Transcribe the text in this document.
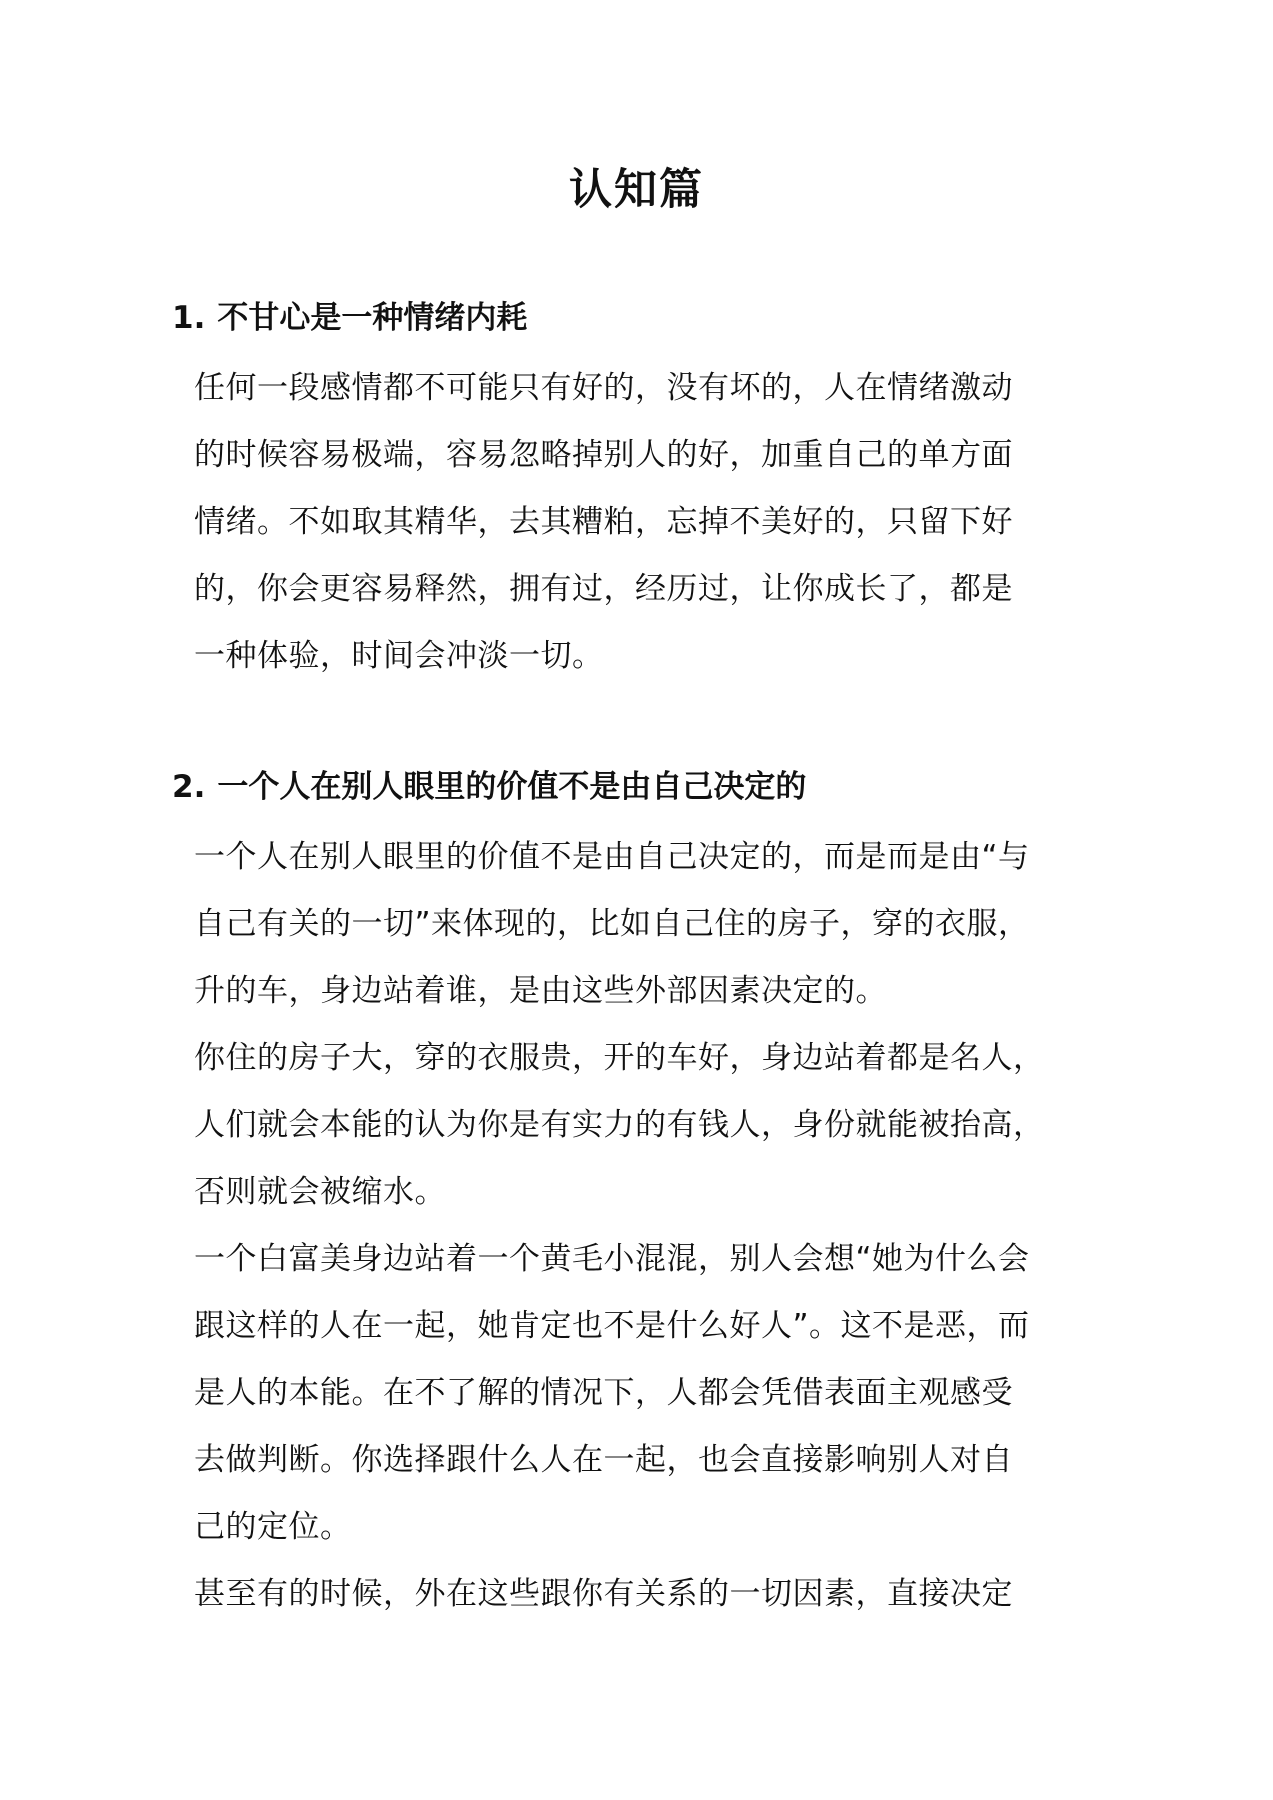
认知篇
1. 不甘心是一种情绪内耗
任何一段感情都不可能只有好的，没有坏的，人在情绪激动
的时候容易极端，容易忽略掉别人的好，加重自己的单方面
情绪。不如取其精华，去其糟粕，忘掉不美好的，只留下好
的，你会更容易释然，拥有过，经历过，让你成长了，都是
一种体验，时间会冲淡一切。
2. 一个人在别人眼里的价值不是由自己决定的
一个人在别人眼里的价值不是由自己决定的，而是而是由“与
自己有关的一切”来体现的，比如自己住的房子，穿的衣服，
升的车，身边站着谁，是由这些外部因素决定的。
你住的房子大，穿的衣服贵，开的车好，身边站着都是名人，
人们就会本能的认为你是有实力的有钱人，身份就能被抬高，
否则就会被缩水。
一个白富美身边站着一个黄毛小混混，别人会想“她为什么会
跟这样的人在一起，她肯定也不是什么好人”。这不是恶，而
是人的本能。在不了解的情况下，人都会凭借表面主观感受
去做判断。你选择跟什么人在一起，也会直接影响别人对自
己的定位。
甚至有的时候，外在这些跟你有关系的一切因素，直接决定
